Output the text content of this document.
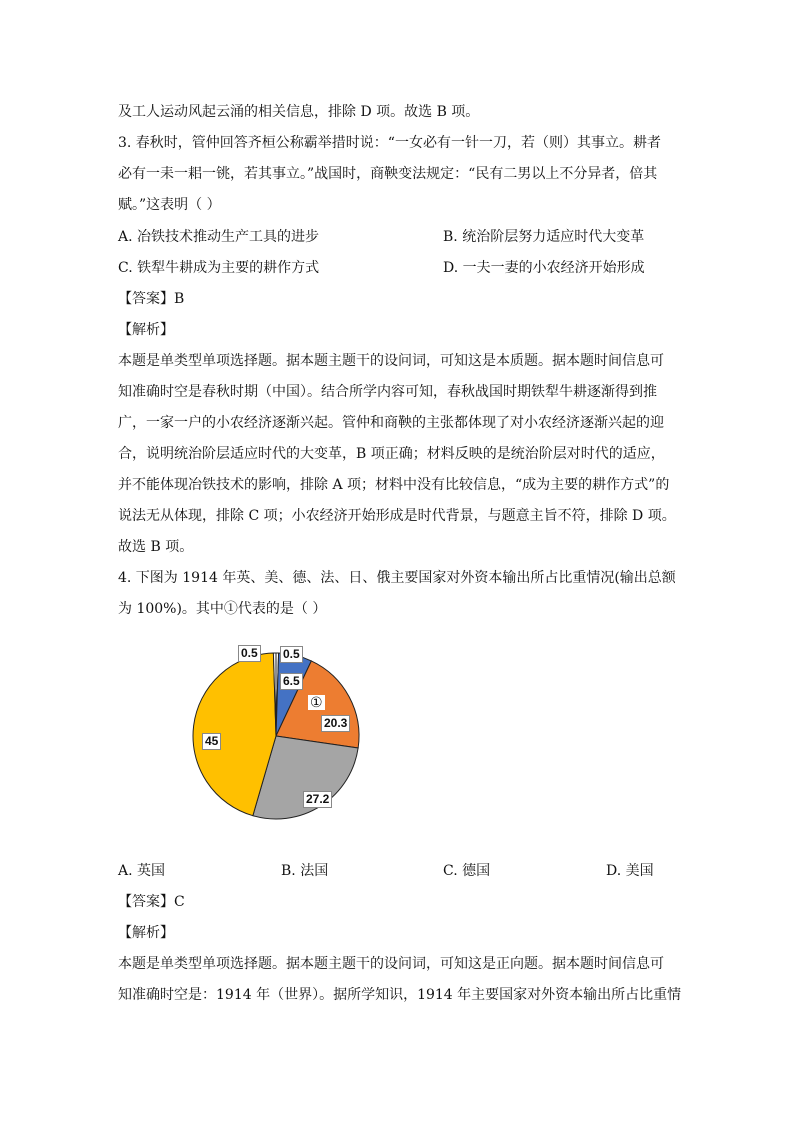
及工人运动风起云涌的相关信息，排除 D 项。故选 B 项。
3. 春秋时，管仲回答齐桓公称霸举措时说：“一女必有一针一刀，若（则）其事立。耕者
必有一耒一耜一铫，若其事立。”战国时，商鞅变法规定：“民有二男以上不分异者，倍其
赋。”这表明（ ）
A. 冶铁技术推动生产工具的进步	B. 统治阶层努力适应时代大变革
C. 铁犁牛耕成为主要的耕作方式	D. 一夫一妻的小农经济开始形成
【答案】B
【解析】
本题是单类型单项选择题。据本题主题干的设问词，可知这是本质题。据本题时间信息可
知准确时空是春秋时期（中国）。结合所学内容可知，春秋战国时期铁犁牛耕逐渐得到推
广，一家一户的小农经济逐渐兴起。管仲和商鞅的主张都体现了对小农经济逐渐兴起的迎
合，说明统治阶层适应时代的大变革，B 项正确；材料反映的是统治阶层对时代的适应，
并不能体现冶铁技术的影响，排除 A 项；材料中没有比较信息，“成为主要的耕作方式”的
说法无从体现，排除 C 项；小农经济开始形成是时代背景，与题意主旨不符，排除 D 项。
故选 B 项。
4. 下图为 1914 年英、美、德、法、日、俄主要国家对外资本输出所占比重情况(输出总额
为 100%)。其中①代表的是（ ）
0.5 0.5
6.5
①
20.3
27.2
45
A. 英国	B. 法国	C. 德国	D. 美国
【答案】C
【解析】
本题是单类型单项选择题。据本题主题干的设问词，可知这是正向题。据本题时间信息可
知准确时空是：1914 年（世界）。据所学知识，1914 年主要国家对外资本输出所占比重情
